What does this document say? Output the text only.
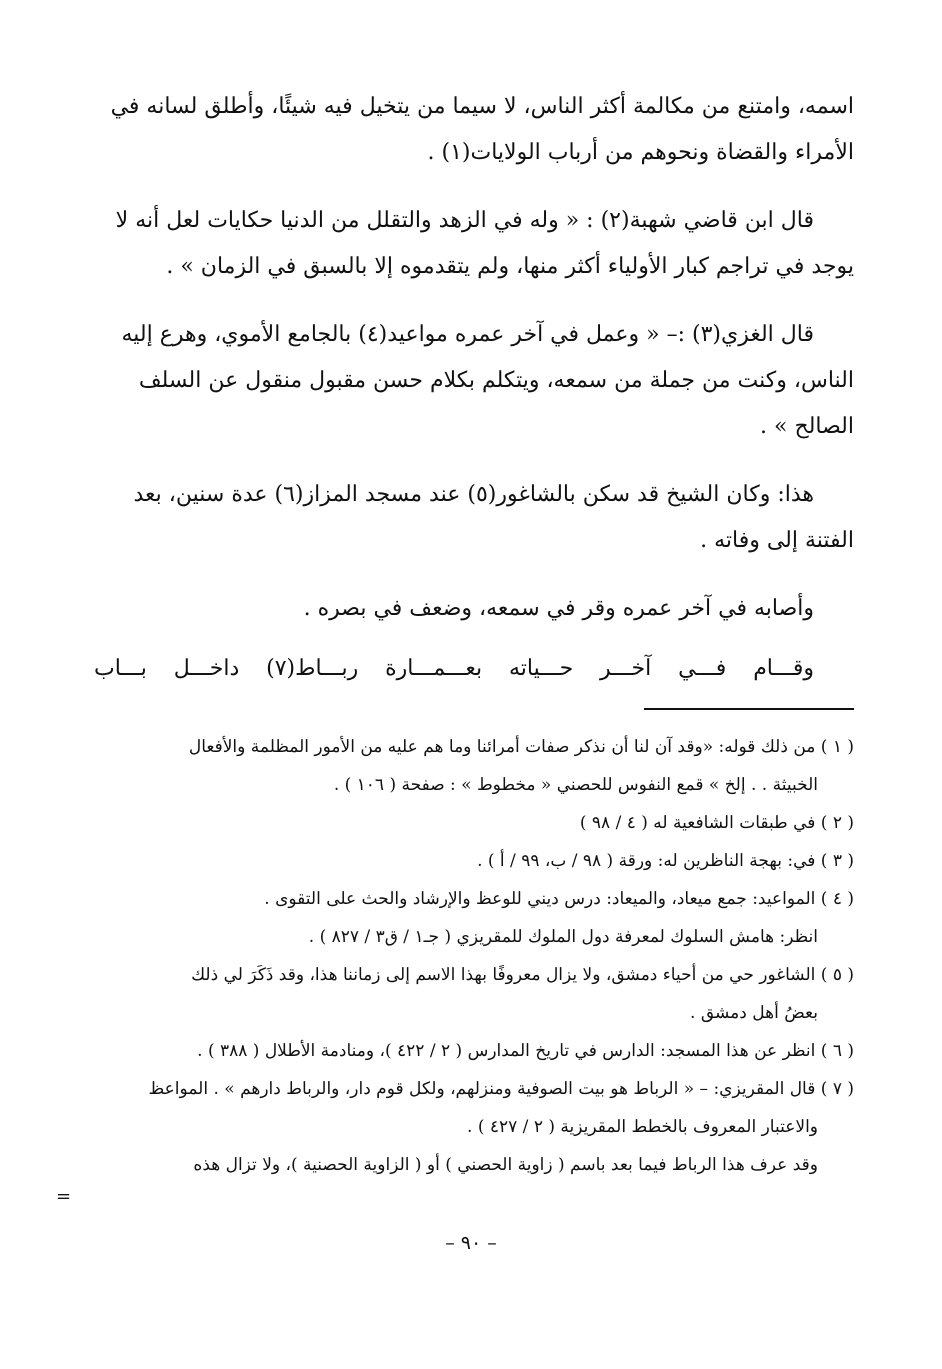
اسمه، وامتنع من مكالمة أكثر الناس، لا سيما من يتخيل فيه شيئًا، وأطلق لسانه في
الأمراء والقضاة ونحوهم من أرباب الولايات(١) .

قال ابن قاضي شهبة(٢) : « وله في الزهد والتقلل من الدنيا حكايات لعل أنه لا
يوجد في تراجم كبار الأولياء أكثر منها، ولم يتقدموه إلا بالسبق في الزمان » .

قال الغزي(٣) :– « وعمل في آخر عمره مواعيد(٤) بالجامع الأموي، وهرع إليه
الناس، وكنت من جملة من سمعه، ويتكلم بكلام حسن مقبول منقول عن السلف
الصالح » .

هذا: وكان الشيخ قد سكن بالشاغور(٥) عند مسجد المزاز(٦) عدة سنين، بعد
الفتنة إلى وفاته .

وأصابه في آخر عمره وقر في سمعه، وضعف في بصره .

وقـــام فـــي آخـــر حـــياته بعـــمـــارة ربـــاط(٧) داخـــل بـــاب

( ١ ) من ذلك قوله: «وقد آن لنا أن نذكر صفات أمرائنا وما هم عليه من الأمور المظلمة والأفعال
الخبيثة . . إلخ » قمع النفوس للحصني « مخطوط » : صفحة ( ١٠٦ ) .

( ٢ ) في طبقات الشافعية له ( ٤ / ٩٨ )

( ٣ ) في: بهجة الناظرين له: ورقة ( ٩٨ / ب، ٩٩ / أ ) .

( ٤ ) المواعيد: جمع ميعاد، والميعاد: درس ديني للوعظ والإرشاد والحث على التقوى .
انظر: هامش السلوك لمعرفة دول الملوك للمقريزي ( جـ١ / ق٣ / ٨٢٧ ) .

( ٥ ) الشاغور حي من أحياء دمشق، ولا يزال معروفًا بهذا الاسم إلى زماننا هذا، وقد ذَكَرَ لي ذلك
بعضُ أهل دمشق .

( ٦ ) انظر عن هذا المسجد: الدارس في تاريخ المدارس ( ٢ / ٤٢٢ )، ومنادمة الأطلال ( ٣٨٨ ) .

( ٧ ) قال المقريزي: – « الرباط هو بيت الصوفية ومنزلهم، ولكل قوم دار، والرباط دارهم » . المواعظ
والاعتبار المعروف بالخطط المقريزية ( ٢ / ٤٢٧ ) .

وقد عرف هذا الرباط فيما بعد باسم ( زاوية الحصني ) أو ( الزاوية الحصنية )، ولا تزال هذه

=
– ٩٠ –
